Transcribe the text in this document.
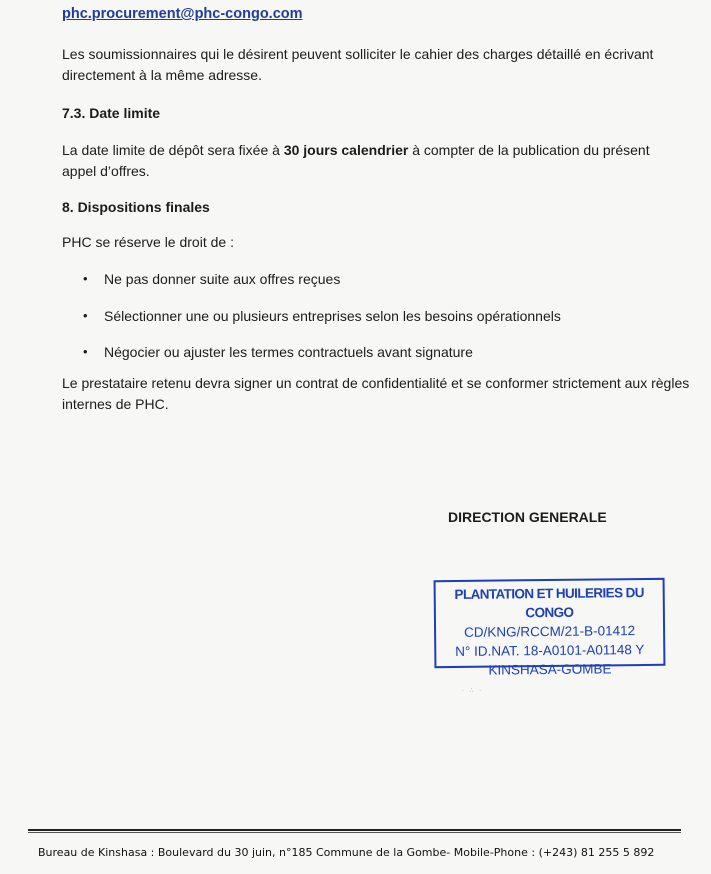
phc.procurement@phc-congo.com

Les soumissionnaires qui le désirent peuvent solliciter le cahier des charges détaillé en écrivant directement à la même adresse.

7.3. Date limite

La date limite de dépôt sera fixée à 30 jours calendrier à compter de la publication du présent appel d’offres.

8. Dispositions finales

PHC se réserve le droit de :

• Ne pas donner suite aux offres reçues
• Sélectionner une ou plusieurs entreprises selon les besoins opérationnels
• Négocier ou ajuster les termes contractuels avant signature

Le prestataire retenu devra signer un contrat de confidentialité et se conformer strictement aux règles internes de PHC.

DIRECTION GENERALE
PLANTATION ET HUILERIES DU CONGO
CD/KNG/RCCM/21-B-01412
N° ID.NAT. 18-A0101-A01148 Y
KINSHASA-GOMBE
· ∴ ·
Bureau de Kinshasa : Boulevard du 30 juin, n°185 Commune de la Gombe- Mobile-Phone : (+243) 81 255 5 892
